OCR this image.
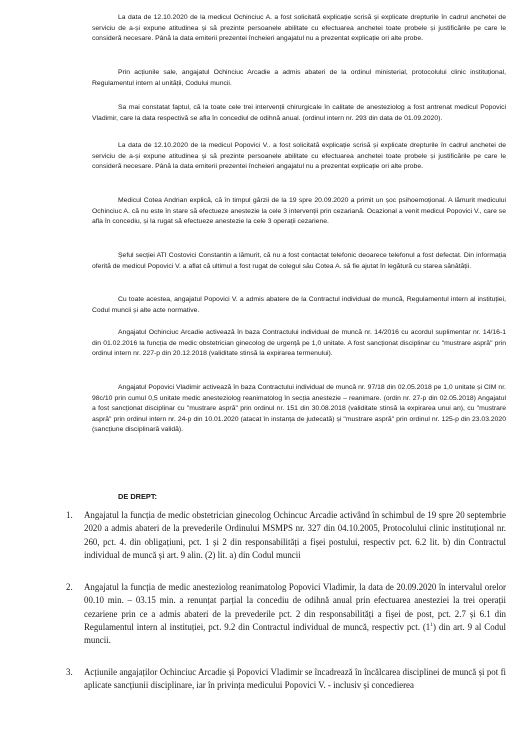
La data de 12.10.2020 de la medicul Ochinciuc A. a fost solicitată explicație scrisă și explicate drepturile în cadrul anchetei de serviciu de a-și expune atitudinea și să prezinte persoanele abilitate cu efectuarea anchetei toate probele și justificările pe care le consideră necesare. Până la data emiterii prezentei încheieri angajatul nu a prezentat explicație ori alte probe.

Prin acțiunile sale, angajatul Ochinciuc Arcadie a admis abateri de la ordinul ministerial, protocolului clinic instituțional, Regulamentul intern al unității, Codului muncii.

Sa mai constatat faptul, că la toate cele trei intervenții chirurgicale în calitate de anesteziolog a fost antrenat medicul Popovici Vladimir, care la data respectivă se afla în concediul de odihnă anual. (ordinul intern nr. 293 din data de 01.09.2020).

La data de 12.10.2020 de la medicul Popovici V.. a fost solicitată explicație scrisă și explicate drepturile în cadrul anchetei de serviciu de a-și expune atitudinea și să prezinte persoanele abilitate cu efectuarea anchetei toate probele și justificările pe care le consideră necesare. Până la data emiterii prezentei încheieri angajatul nu a prezentat explicație ori alte probe.

Medicul Cotea Andrian explică, că în timpul gărzii de la 19 spre 20.09.2020 a primit un șoc psihoemoțional. A lămurit medicului Ochinciuc A. că nu este în stare să efectueze anestezie la cele 3 intervenții prin cezariană. Ocazional a venit medicul Popovici V., care se afla în concediu, și la rugat să efectueze anestezie la cele 3 operații cezariene.

Șeful secției ATI Costovici Constantin a lămurit, că nu a fost contactat telefonic deoarece telefonul a fost defectat. Din informația oferită de medicul Popovici V. a aflat că ultimul a fost rugat de colegul său Cotea A. să fie ajutat în legătură cu starea sănătății.

Cu toate acestea, angajatul Popovici V. a admis abatere de la Contractul individual de muncă, Regulamentul intern al instituției, Codul muncii și alte acte normative.

Angajatul Ochinciuc Arcadie activează în baza Contractului individual de muncă nr. 14/2016 cu acordul suplimentar nr. 14/16-1 din 01.02.2016 la funcția de medic obstetrician ginecolog de urgență pe 1,0 unitate. A fost sancționat disciplinar cu "mustrare aspră" prin ordinul intern nr. 227-p din 20.12.2018 (validitate stinsă la expirarea termenului).

Angajatul Popovici Vladimir activează în baza Contractului individual de muncă nr. 97/18 din 02.05.2018 pe 1,0 unitate și CIM nr. 98c/10 prin cumul 0,5 unitate medic anesteziolog reanimatolog în secția anestezie – reanimare. (ordin nr. 27-p din 02.05.2018) Angajatul a fost sancționat disciplinar cu "mustrare aspră" prin ordinul nr. 151 din 30.08.2018 (validitate stinsă la expirarea unui an), cu "mustrare aspră" prin ordinul intern nr. 24-p din 10.01.2020 (atacat în instanța de judecată) și "mustrare aspră" prin ordinul nr. 125-p din 23.03.2020 (sancțiune disciplinară validă).

DE DREPT:

1. Angajatul la funcția de medic obstetrician ginecolog Ochincuc Arcadie activând în schimbul de 19 spre 20 septembrie 2020 a admis abateri de la prevederile Ordinului MSMPS nr. 327 din 04.10.2005, Protocolului clinic instituțional nr. 260, pct. 4. din obligațiuni, pct. 1 și 2 din responsabilități a fișei postului, respectiv pct. 6.2 lit. b) din Contractul individual de muncă și art. 9 alin. (2) lit. a) din Codul muncii

2. Angajatul la funcția de medic anesteziolog reanimatolog Popovici Vladimir, la data de 20.09.2020 în intervalul orelor 00.10 min. – 03.15 min. a renunțat parțial la concediu de odihnă anual prin efectuarea anesteziei la trei operații cezariene prin ce a admis abateri de la prevederile pct. 2 din responsabilități a fișei de post, pct. 2.7 și 6.1 din Regulamentul intern al instituției, pct. 9.2 din Contractul individual de muncă, respectiv pct. $(1^1)$ din art. 9 al Codul muncii.

3. Acțiunile angajaților Ochinciuc Arcadie și Popovici Vladimir se încadrează în încălcarea disciplinei de muncă și pot fi aplicate sancțiunii disciplinare, iar în privința medicului Popovici V. - inclusiv și concedierea
